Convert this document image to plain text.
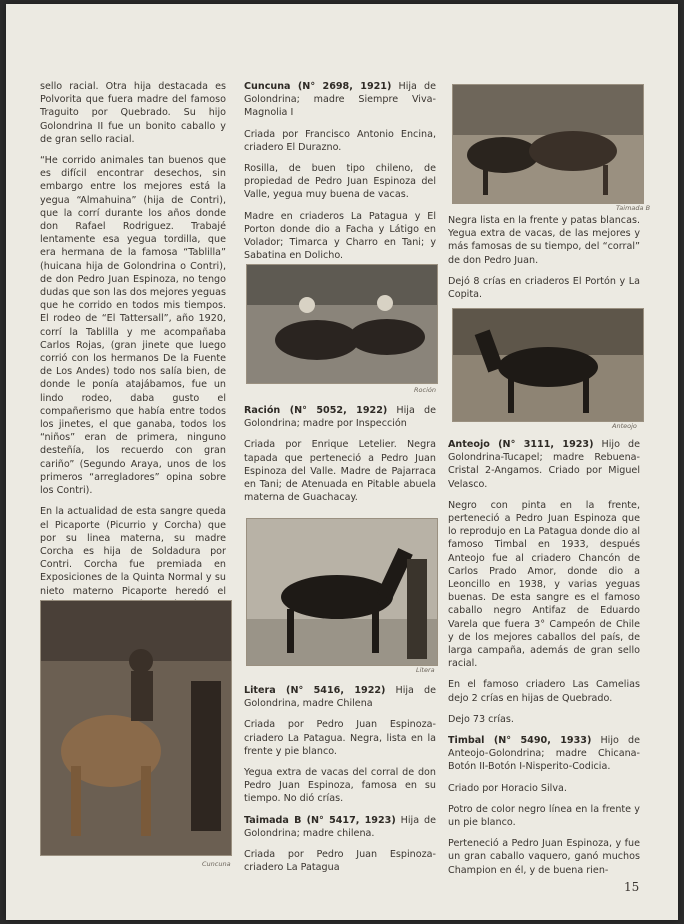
sello racial. Otra hija destacada es Polvorita que fuera madre del famoso Traguito por Quebrado. Su hijo Golondrina II fue un bonito caballo y de gran sello racial.

“He corrido animales tan buenos que es difícil encontrar desechos, sin embargo entre los mejores está la yegua “Almahuina” (hija de Contri), que la corrí durante los años donde don Rafael Rodriguez. Trabajé lentamente esa yegua tordilla, que era hermana de la famosa “Tablilla” (huicana hija de Golondrina o Contri), de don Pedro Juan Espinoza, no tengo dudas que son las dos mejores yeguas que he corrido en todos mis tiempos. El rodeo de “El Tattersall”, año 1920, corrí la Tablilla y me acompañaba Carlos Rojas, (gran jinete que luego corrió con los hermanos De la Fuente de Los Andes) todo nos salía bien, de donde le ponía atajábamos, fue un lindo rodeo, daba gusto el compañerismo que había entre todos los jinetes, el que ganaba, todos los “niños” eran de primera, ninguno desteñía, los recuerdo con gran cariño” (Segundo Araya, unos de los primeros “arregladores” opina sobre los Contri).

En la actualidad de esta sangre queda el Picaporte (Picurrio y Corcha) que por su linea materna, su madre Corcha es hija de Soldadura por Contri. Corcha fue premiada en Exposiciones de la Quinta Normal y su nieto materno Picaporte heredó el

Cuncuna

Cuncuna (N° 2698, 1921) Hija de Golondrina; madre Siempre Viva-Magnolia I

Criada por Francisco Antonio Encina, criadero El Durazno.

Rosilla, de buen tipo chileno, de propiedad de Pedro Juan Espinoza del Valle, yegua muy buena de vacas.

Madre en criaderos La Patagua y El Porton donde dio a Facha y Látigo en Volador; Timarca y Charro en Tani; y Sabatina en Dolicho.

Roción

Ración (N° 5052, 1922) Hija de Golondrina; madre por Inspección

Criada por Enrique Letelier. Negra tapada que perteneció a Pedro Juan Espinoza del Valle. Madre de Pajarraca en Tani; de Atenuada en Pitable abuela materna de Guachacay.

Litera

Litera (N° 5416, 1922) Hija de Golondrina, madre Chilena

Criada por Pedro Juan Espinoza-criadero La Patagua. Negra, lista en la frente y pie blanco.

Yegua extra de vacas del corral de don Pedro Juan Espinoza, famosa en su tiempo. No dió crías.

Taimada B (N° 5417, 1923) Hija de Golondrina; madre chilena.

Criada por Pedro Juan Espinoza-criadero La Patagua

Taimada B

Negra lista en la frente y patas blancas. Yegua extra de vacas, de las mejores y más famosas de su tiempo, del “corral” de don Pedro Juan.

Dejó 8 crías en criaderos El Portón y La Copita.

Anteojo

Anteojo (N° 3111, 1923) Hijo de Golondrina-Tucapel; madre Rebuena-Cristal 2-Angamos. Criado por Miguel Velasco.

Negro con pinta en la frente, perteneció a Pedro Juan Espinoza que lo reprodujo en La Patagua donde dio al famoso Timbal en 1933, después Anteojo fue al criadero Chancón de Carlos Prado Amor, donde dio a Leoncillo en 1938, y varias yeguas buenas. De esta sangre es el famoso caballo negro Antifaz de Eduardo Varela que fuera 3° Campeón de Chile y de los mejores caballos del país, de larga campaña, además de gran sello racial.

En el famoso criadero Las Camelias dejo 2 crías en hijas de Quebrado.

Dejo 73 crías.

Timbal (N° 5490, 1933) Hijo de Anteojo-Golondrina; madre Chicana-Botón II-Botón I-Nisperito-Codicia.

Criado por Horacio Silva.

Potro de color negro línea en la frente y un pie blanco.

Perteneció a Pedro Juan Espinoza, y fue un gran caballo vaquero, ganó muchos Champion en él, y de buena rien-

15
